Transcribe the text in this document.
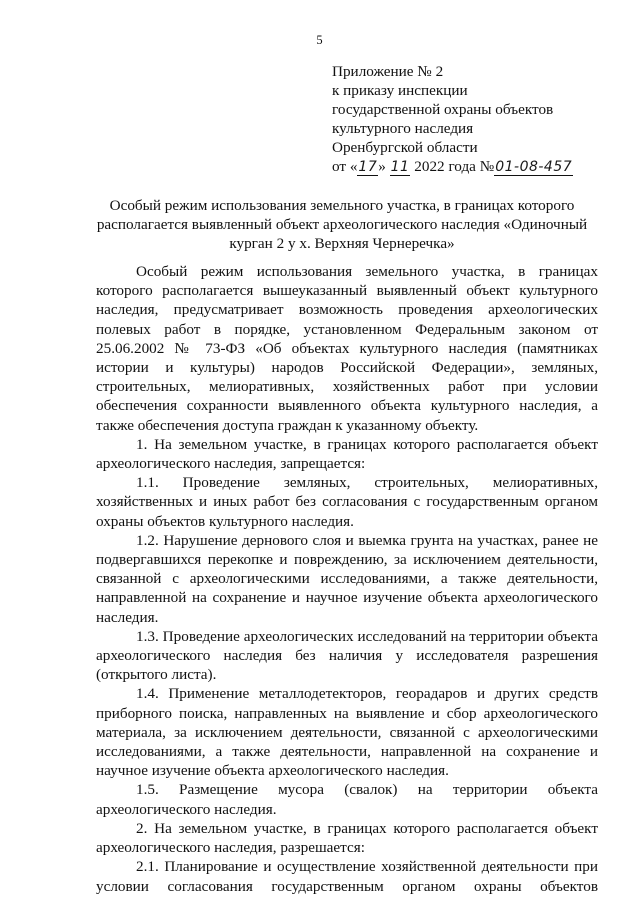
5
Приложение № 2
к приказу инспекции
государственной охраны объектов
культурного наследия
Оренбургской области
от «17» 11 2022 года №01-08-457
Особый режим использования земельного участка, в границах которого располагается выявленный объект археологического наследия «Одиночный курган 2 у х. Верхняя Чернеречка»

Особый режим использования земельного участка, в границах которого располагается вышеуказанный выявленный объект культурного наследия, предусматривает возможность проведения археологических полевых работ в порядке, установленном Федеральным законом от 25.06.2002 № 73-ФЗ «Об объектах культурного наследия (памятниках истории и культуры) народов Российской Федерации», земляных, строительных, мелиоративных, хозяйственных работ при условии обеспечения сохранности выявленного объекта культурного наследия, а также обеспечения доступа граждан к указанному объекту.

1. На земельном участке, в границах которого располагается объект археологического наследия, запрещается:

1.1. Проведение земляных, строительных, мелиоративных, хозяйственных и иных работ без согласования с государственным органом охраны объектов культурного наследия.

1.2. Нарушение дернового слоя и выемка грунта на участках, ранее не подвергавшихся перекопке и повреждению, за исключением деятельности, связанной с археологическими исследованиями, а также деятельности, направленной на сохранение и научное изучение объекта археологического наследия.

1.3. Проведение археологических исследований на территории объекта археологического наследия без наличия у исследователя разрешения (открытого листа).

1.4. Применение металлодетекторов, георадаров и других средств приборного поиска, направленных на выявление и сбор археологического материала, за исключением деятельности, связанной с археологическими исследованиями, а также деятельности, направленной на сохранение и научное изучение объекта археологического наследия.

1.5. Размещение мусора (свалок) на территории объекта археологического наследия.

2. На земельном участке, в границах которого располагается объект археологического наследия, разрешается:

2.1. Планирование и осуществление хозяйственной деятельности при условии согласования государственным органом охраны объектов
